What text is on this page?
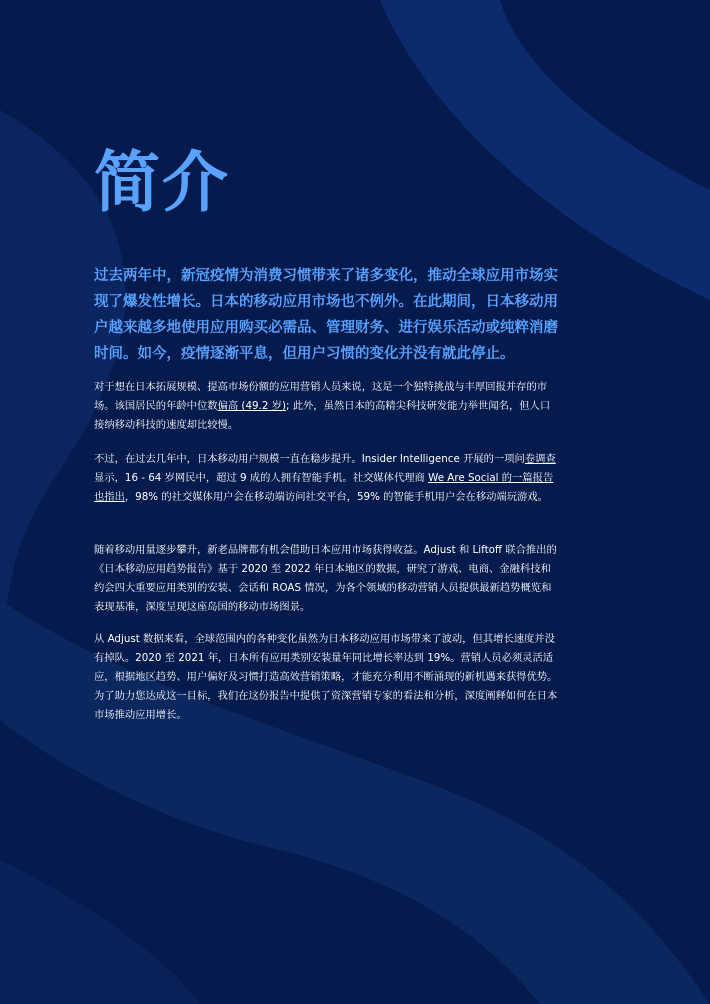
简介

过去两年中，新冠疫情为消费习惯带来了诸多变化，推动全球应用市场实现了爆发性增长。日本的移动应用市场也不例外。在此期间，日本移动用户越来越多地使用应用购买必需品、管理财务、进行娱乐活动或纯粹消磨时间。如今，疫情逐渐平息，但用户习惯的变化并没有就此停止。

对于想在日本拓展规模、提高市场份额的应用营销人员来说，这是一个独特挑战与丰厚回报并存的市场。该国居民的年龄中位数偏高 (49.2 岁); 此外，虽然日本的高精尖科技研发能力举世闻名，但人口接纳移动科技的速度却比较慢。

不过，在过去几年中，日本移动用户规模一直在稳步提升。Insider Intelligence 开展的一项问卷调查显示，16 - 64 岁网民中，超过 9 成的人拥有智能手机。社交媒体代理商 We Are Social 的一篇报告也指出，98% 的社交媒体用户会在移动端访问社交平台，59% 的智能手机用户会在移动端玩游戏。

随着移动用量逐步攀升，新老品牌都有机会借助日本应用市场获得收益。Adjust 和 Liftoff 联合推出的《日本移动应用趋势报告》基于 2020 至 2022 年日本地区的数据，研究了游戏、电商、金融科技和约会四大重要应用类别的安装、会话和 ROAS 情况，为各个领域的移动营销人员提供最新趋势概览和表现基准，深度呈现这座岛国的移动市场图景。

从 Adjust 数据来看，全球范围内的各种变化虽然为日本移动应用市场带来了波动，但其增长速度并没有掉队。2020 至 2021 年，日本所有应用类别安装量年同比增长率达到 19%。营销人员必须灵活适应，根据地区趋势、用户偏好及习惯打造高效营销策略，才能充分利用不断涌现的新机遇来获得优势。为了助力您达成这一目标，我们在这份报告中提供了资深营销专家的看法和分析，深度阐释如何在日本市场推动应用增长。
